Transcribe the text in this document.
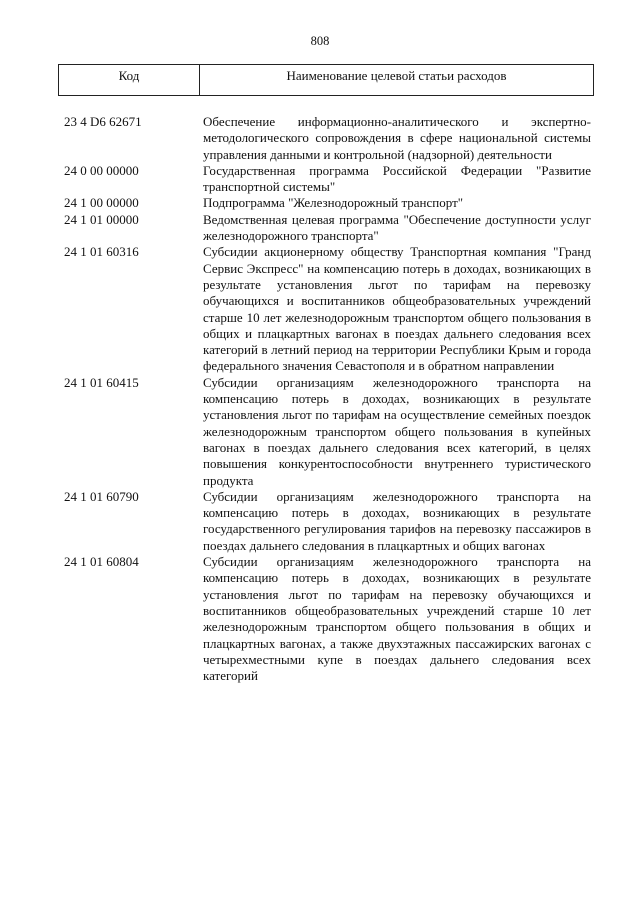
808
Код	Наименование целевой статьи расходов
23 4 D6 62671	Обеспечение информационно-аналитического и экспертно-методологического сопровождения в сфере национальной системы управления данными и контрольной (надзорной) деятельности
24 0 00 00000	Государственная программа Российской Федерации "Развитие транспортной системы"
24 1 00 00000	Подпрограмма "Железнодорожный транспорт"
24 1 01 00000	Ведомственная целевая программа "Обеспечение доступности услуг железнодорожного транспорта"
24 1 01 60316	Субсидии акционерному обществу Транспортная компания "Гранд Сервис Экспресс" на компенсацию потерь в доходах, возникающих в результате установления льгот по тарифам на перевозку обучающихся и воспитанников общеобразовательных учреждений старше 10 лет железнодорожным транспортом общего пользования в общих и плацкартных вагонах в поездах дальнего следования всех категорий в летний период на территории Республики Крым и города федерального значения Севастополя и в обратном направлении
24 1 01 60415	Субсидии организациям железнодорожного транспорта на компенсацию потерь в доходах, возникающих в результате установления льгот по тарифам на осуществление семейных поездок железнодорожным транспортом общего пользования в купейных вагонах в поездах дальнего следования всех категорий, в целях повышения конкурентоспособности внутреннего туристического продукта
24 1 01 60790	Субсидии организациям железнодорожного транспорта на компенсацию потерь в доходах, возникающих в результате государственного регулирования тарифов на перевозку пассажиров в поездах дальнего следования в плацкартных и общих вагонах
24 1 01 60804	Субсидии организациям железнодорожного транспорта на компенсацию потерь в доходах, возникающих в результате установления льгот по тарифам на перевозку обучающихся и воспитанников общеобразовательных учреждений старше 10 лет железнодорожным транспортом общего пользования в общих и плацкартных вагонах, а также двухэтажных пассажирских вагонах с четырехместными купе в поездах дальнего следования всех категорий
